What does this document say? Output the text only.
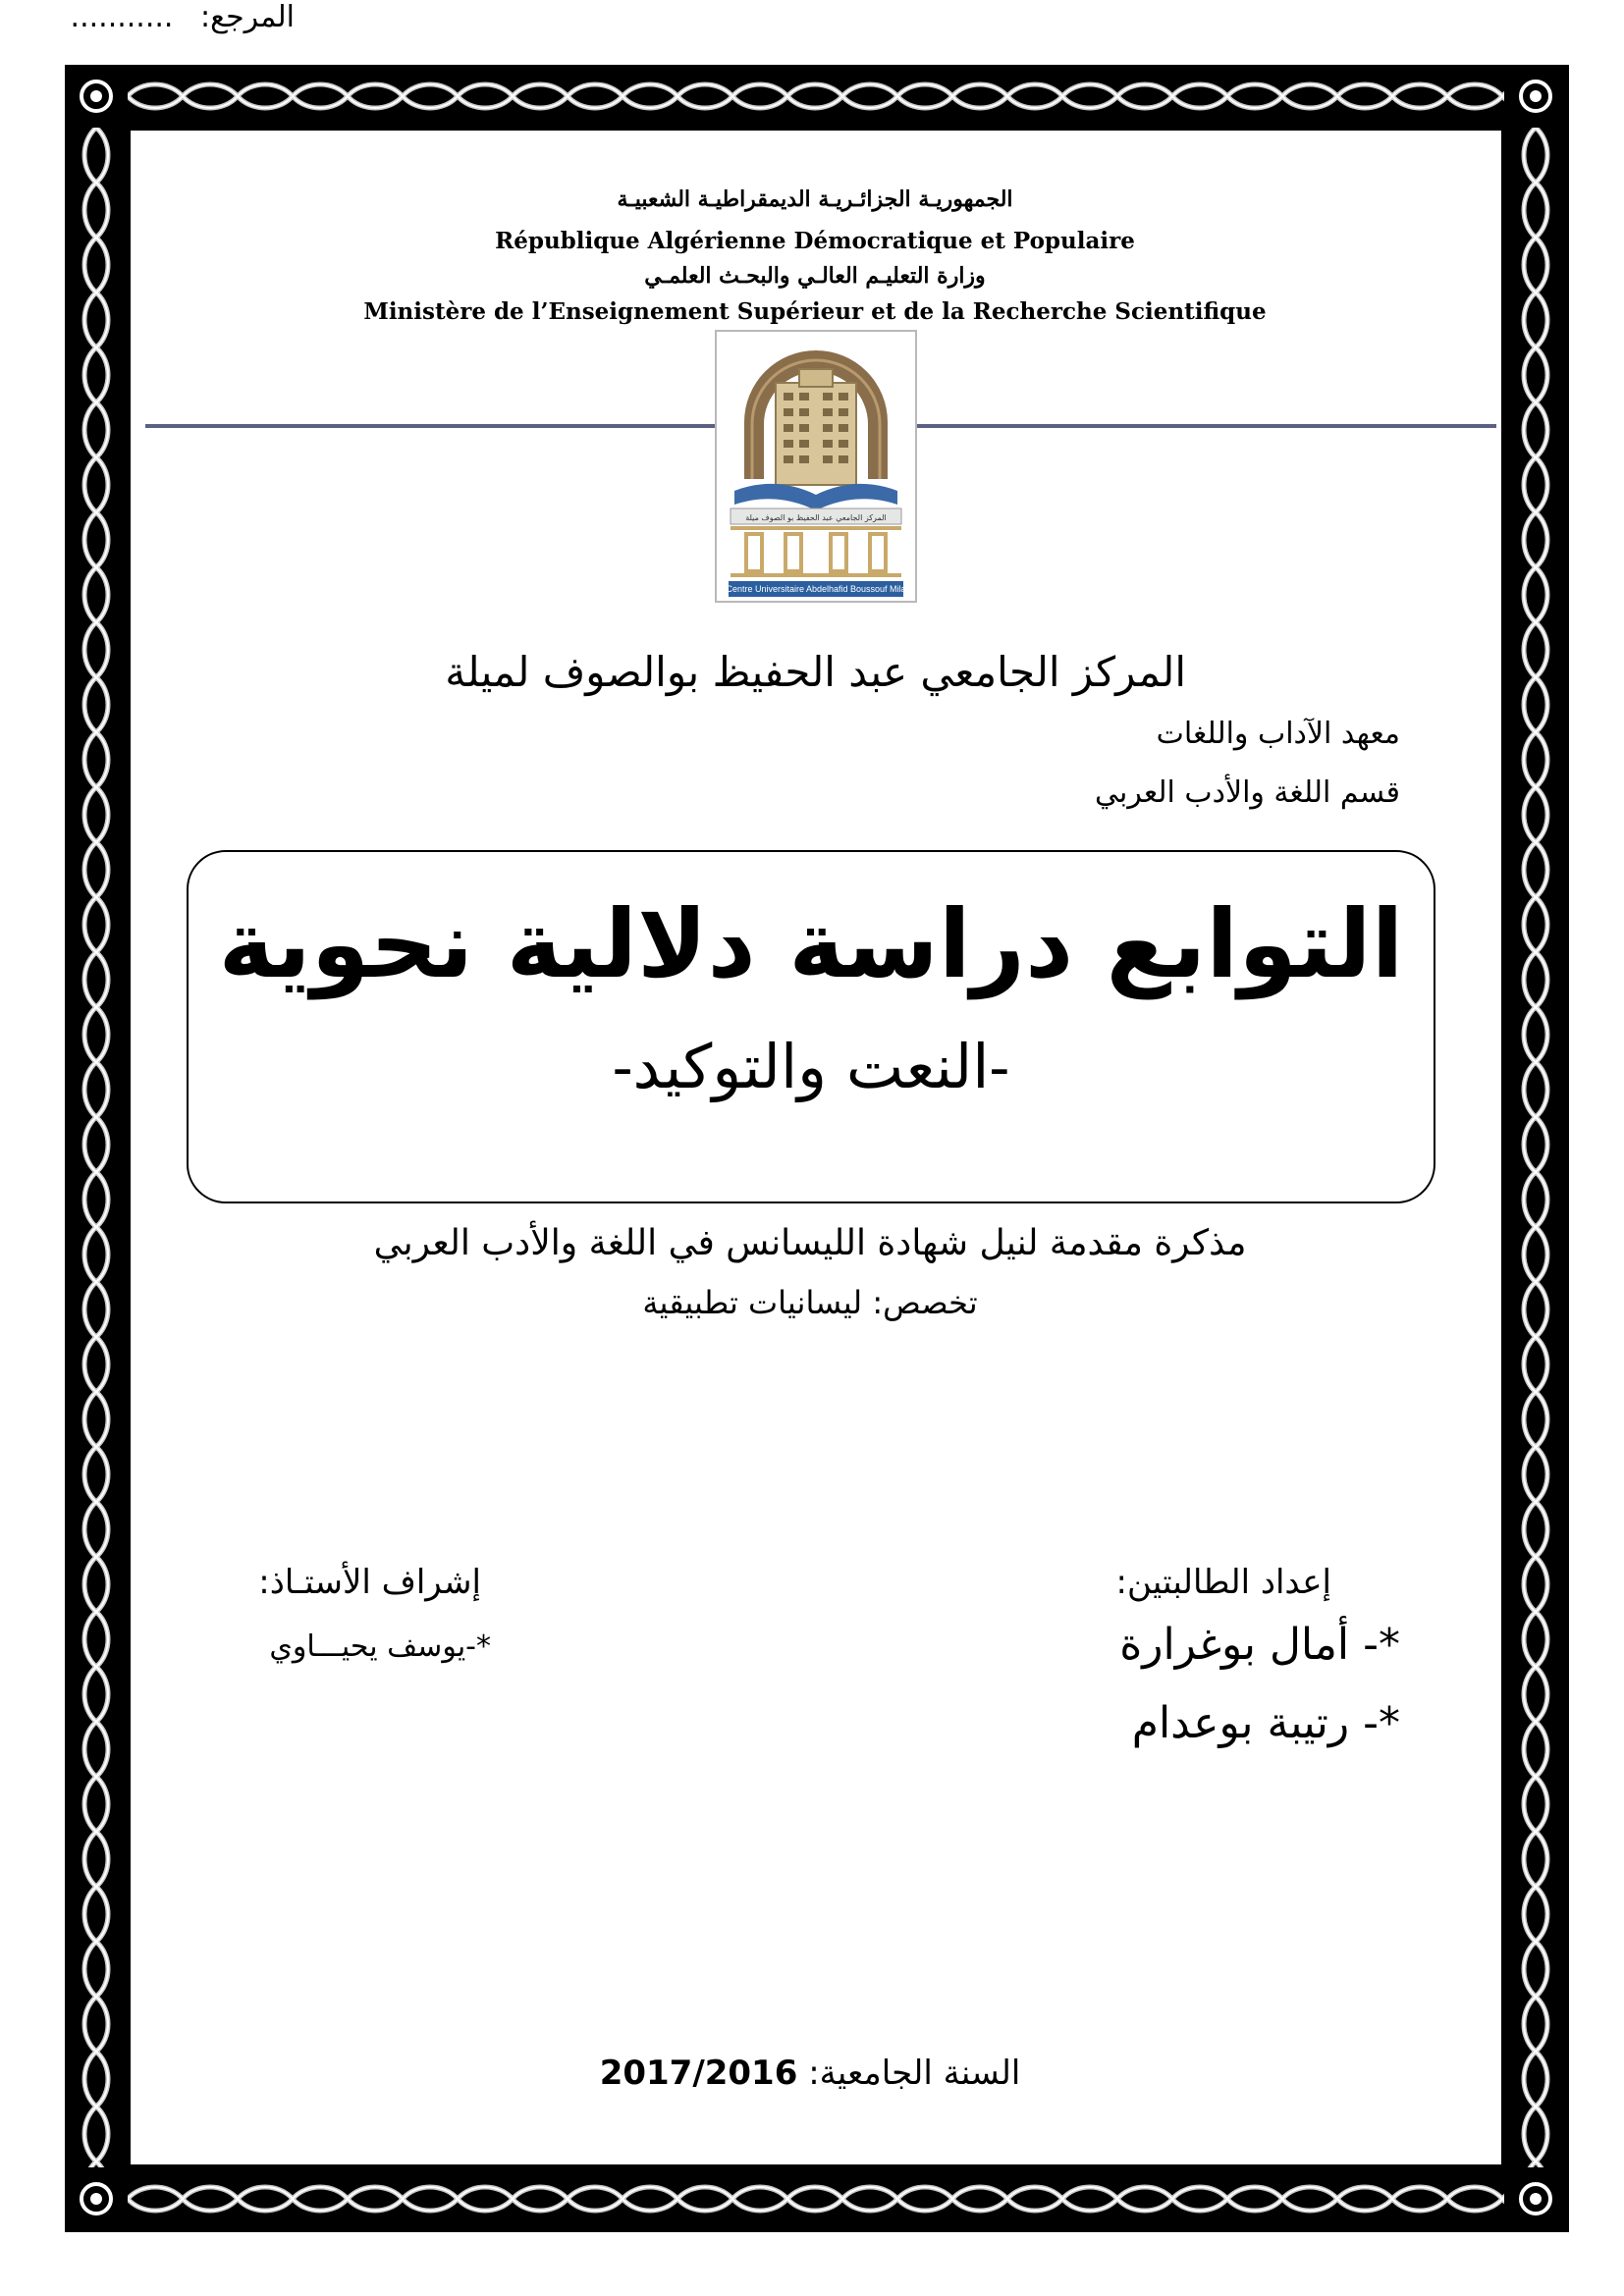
الجمهوريـة الجزائـريـة الديمقراطيـة الشعبيـة
République Algérienne Démocratique et Populaire
وزارة التعليـم العالـي والبحـث العلمـي
Ministère de l’Enseignement Supérieur et de la Recherche Scientifique
المركز الجامعي عبد الحفيظ بو الصوف ميلة
Centre Universitaire Abdelhafid Boussouf Mila
المركز الجامعي عبد الحفيظ بوالصوف لميلة
معهد الآداب واللغات
قسم اللغة والأدب العربي
المرجع: ...........
التوابع دراسة دلالية نحوية
-النعت والتوكيد-
مذكرة مقدمة لنيل شهادة الليسانس في اللغة والأدب العربي
تخصص: ليسانيات تطبيقية
إعداد الطالبتين:
*- أمال بوغرارة
*- رتيبة بوعدام
إشراف الأستـاذ:
*-يوسف يحيـــاوي
السنة الجامعية: 2017/2016
